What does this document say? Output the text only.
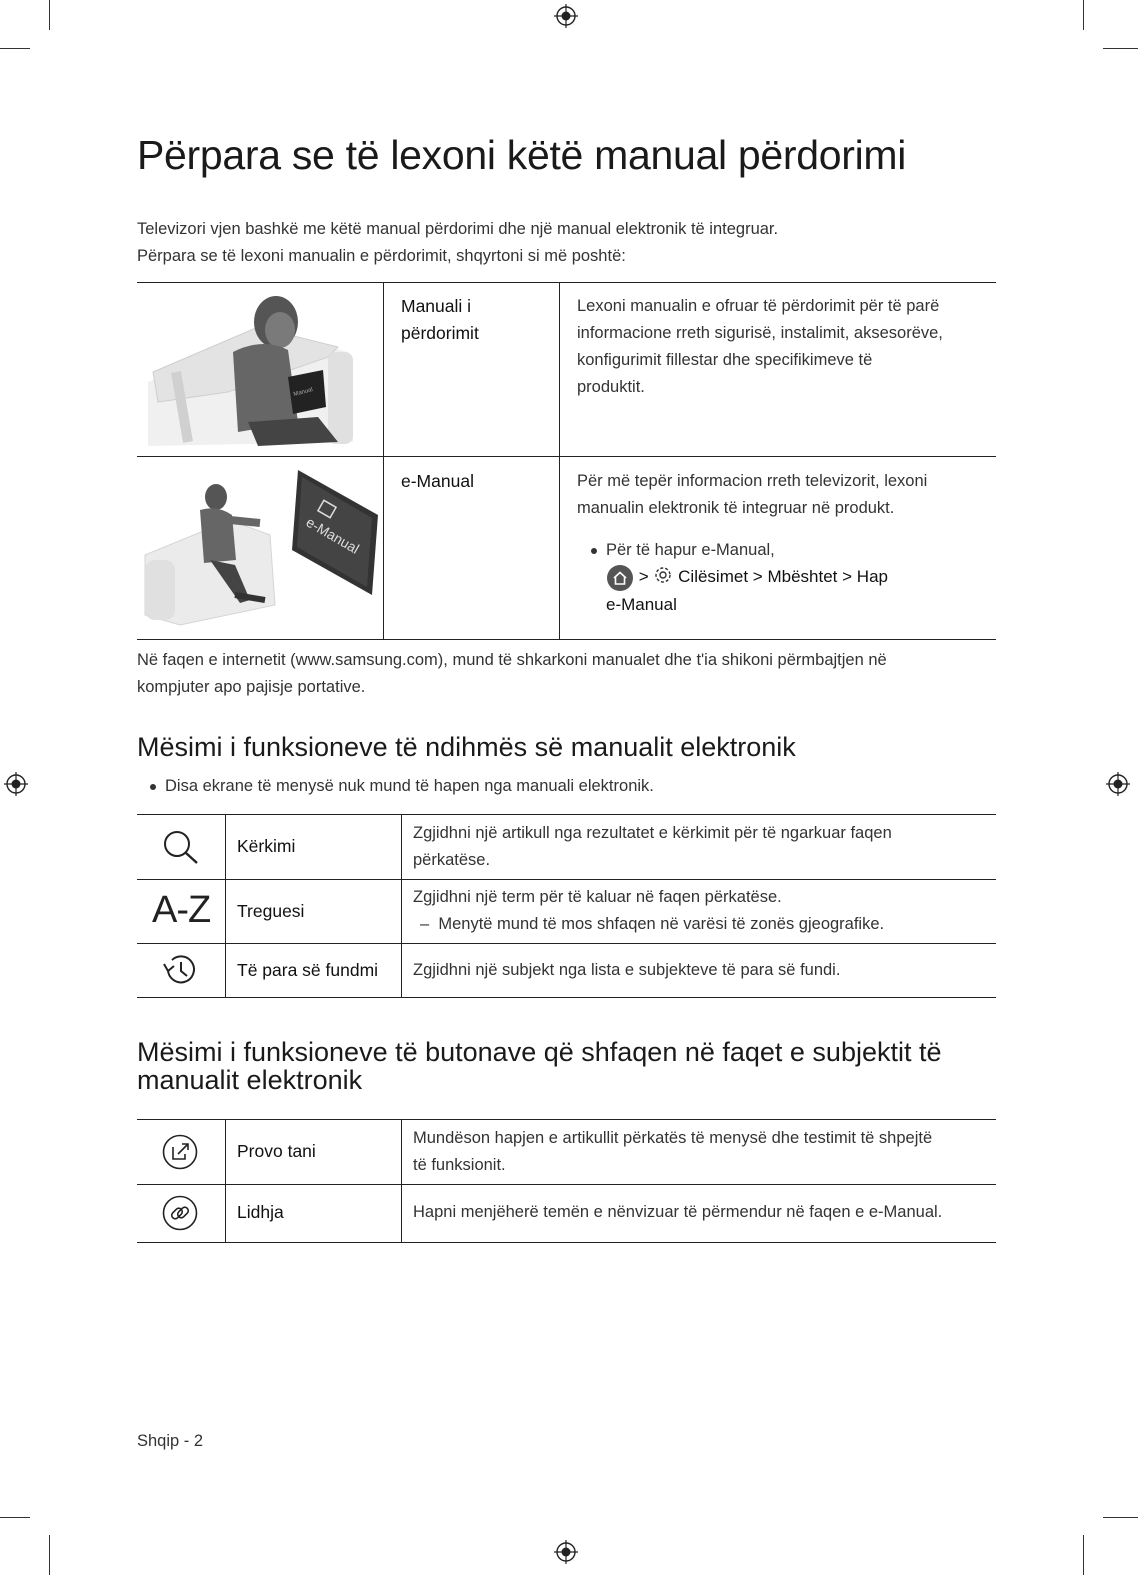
Përpara se të lexoni këtë manual përdorimi
Televizori vjen bashkë me këtë manual përdorimi dhe një manual elektronik të integruar.
Përpara se të lexoni manualin e përdorimit, shqyrtoni si më poshtë:
Manual
Manuali i
përdorimit
Lexoni manualin e ofruar të përdorimit për të parë
informacione rreth sigurisë, instalimit, aksesorëve,
konfigurimit fillestar dhe specifikimeve të
produktit.
e-Manual
e-Manual	Për më tepër informacion rreth televizorit, lexoni
manualin elektronik të integruar në produkt.
Për të hapur e-Manual,
> Cilësimet > Mbështet > Hap
e-Manual
Në faqen e internetit (www.samsung.com), mund të shkarkoni manualet dhe t'ia shikoni përmbajtjen në
kompjuter apo pajisje portative.
Mësimi i funksioneve të ndihmës së manualit elektronik
Disa ekrane të menysë nuk mund të hapen nga manuali elektronik.
Kërkimi
Zgjidhni një artikull nga rezultatet e kërkimit për të ngarkuar faqen
përkatëse.
A-Z Treguesi
Zgjidhni një term për të kaluar në faqen përkatëse.
–  Menytë mund të mos shfaqen në varësi të zonës gjeografike.
Të para së fundmi Zgjidhni një subjekt nga lista e subjekteve të para së fundi.
Mësimi i funksioneve të butonave që shfaqen në faqet e subjektit të
manualit elektronik
Provo tani
Mundëson hapjen e artikullit përkatës të menysë dhe testimit të shpejtë
të funksionit.
Lidhja	Hapni menjëherë temën e nënvizuar të përmendur në faqen e e-Manual.
Shqip - 2
